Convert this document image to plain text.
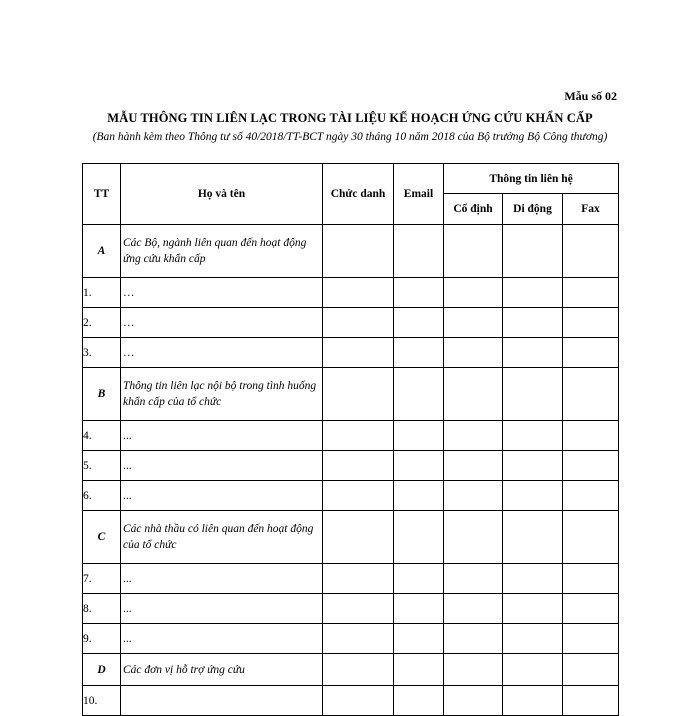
Mẫu số 02
MẪU THÔNG TIN LIÊN LẠC TRONG TÀI LIỆU KẾ HOẠCH ỨNG CỨU KHẨN CẤP
(Ban hành kèm theo Thông tư số 40/2018/TT-BCT ngày 30 tháng 10 năm 2018 của Bộ trưởng Bộ Công thương)
TT	Họ và tên	Chức danh	Email	Thông tin liên hệ		
				Cố định	Di động	Fax
A	Các Bộ, ngành liên quan đến hoạt động ứng cứu khẩn cấp					
1.	…					
2.	…					
3.	…					
B	Thông tin liên lạc nội bộ trong tình huống khẩn cấp của tổ chức					
4.	...					
5.	...					
6.	...					
C	Các nhà thầu có liên quan đến hoạt động của tổ chức					
7.	...					
8.	...					
9.	...					
D	Các đơn vị hỗ trợ ứng cứu					
10.						
